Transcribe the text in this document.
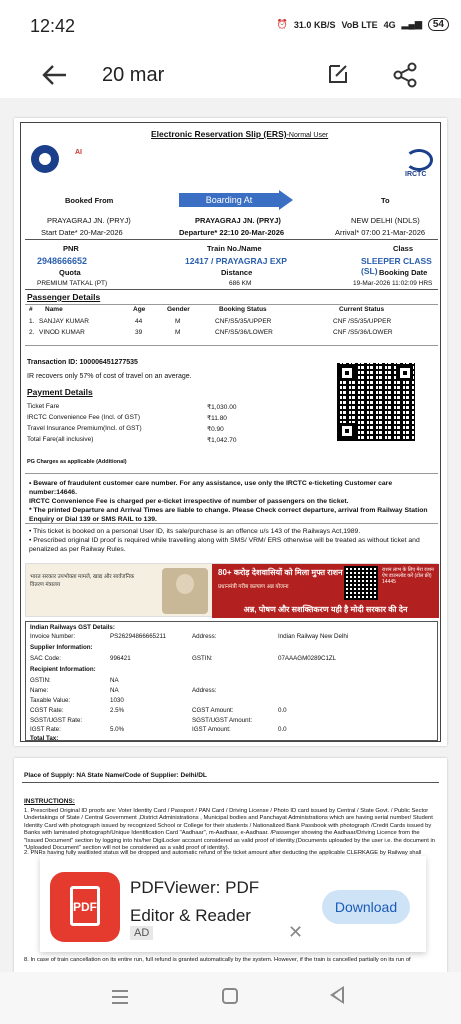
12:42	⏰ 31.0 KB/S VoB LTE 4G ▂▄▆	54
20 mar
Electronic Reservation Slip (ERS)-Normal User
AI
IRCTC
Booked From	Boarding At	To
PRAYAGRAJ JN. (PRYJ)	PRAYAGRAJ JN. (PRYJ)	NEW DELHI (NDLS)
Start Date* 20-Mar-2026	Departure* 22:10 20-Mar-2026	Arrival* 07:00 21-Mar-2026
PNR	Train No./Name	Class
2948666652	12417 / PRAYAGRAJ EXP	SLEEPER CLASS (SL)
Quota	Distance	Booking Date
PREMIUM TATKAL (PT)	686 KM	19-Mar-2026 11:02:09 HRS
Passenger Details
# Name	Age	Gender	Booking Status	Current Status
1. SANJAY KUMAR	44	M	CNF/S5/35/UPPER	CNF /S5/35/UPPER
2. VINOD KUMAR	39	M	CNF/S5/36/LOWER	CNF /S5/36/LOWER
Transaction ID: 100006451277535
IR recovers only 57% of cost of travel on an average.
Payment Details
Ticket Fare	₹1,030.00
IRCTC Convenience Fee (Incl. of GST)	₹11.80
Travel Insurance Premium(Incl. of GST)	₹0.90
Total Fare(all inclusive)	₹1,042.70
PG Charges as applicable (Additional)
• Beware of fraudulent customer care number. For any assistance, use only the IRCTC e-ticketing Customer care number:14646.
IRCTC Convenience Fee is charged per e-ticket irrespective of number of passengers on the ticket.
* The printed Departure and Arrival Times are liable to change. Please Check correct departure, arrival from Railway Station Enquiry or Dial 139 or SMS RAIL to 139.
• This ticket is booked on a personal User ID, its sale/purchase is an offence u/s 143 of the Railways Act,1989.
• Prescribed original ID proof is required while travelling along with SMS/ VRM/ ERS otherwise will be treated as without ticket and penalized as per Railway Rules.
भारत सरकार उपभोक्ता मामले, खाद्य और सार्वजनिक वितरण मंत्रालय
80+ करोड़ देशवासियों को मिला मुफ्त राशन
प्रधानमंत्री गरीब कल्याण अन्न योजना
राशन लाभ के लिए मेरा राशन ऐप डाउनलोड करें (टोल फ्री) 14445
अन्न, पोषण और सशक्तिकरण यही है मोदी सरकार की देन
Indian Railways GST Details:
Invoice Number:	PS26294866665211	Address:	Indian Railway New Delhi
Supplier Information:
SAC Code:	996421	GSTIN:	07AAAGM0289C1ZL
Recipient Information:
GSTIN:	NA
Name:	NA	Address:
Taxable Value:	1030
CGST Rate:	2.5%	CGST Amount:	0.0
SGST/UGST Rate:	SGST/UGST Amount:
IGST Rate:	5.0%	IGST Amount:	0.0
Total Tax:
Place of Supply: NA State Name/Code of Supplier: Delhi/DL
INSTRUCTIONS:
1. Prescribed Original ID proofs are: Voter Identity Card / Passport / PAN Card / Driving License / Photo ID card issued by Central / State Govt. / Public Sector Undertakings of State / Central Government ,District Administrations , Municipal bodies and Panchayat Administrations which are having serial number/ Student Identity Card with photograph issued by recognized School or College for their students / Nationalized Bank Passbook with photograph /Credit Cards issued by Banks with laminated photograph/Unique Identification Card "Aadhaar", m-Aadhaar, e-Aadhaar. /Passenger showing the Aadhaar/Driving Licence from the "Issued Document" section by logging into his/her DigiLocker account considered as valid proof of identity.(Documents uploaded by the user i.e. the document in "Uploaded Document" section will not be considered as a valid proof of identity).
2. PNRs having fully waitlisted status will be dropped and automatic refund of the ticket amount after deducting the applicable CLERKAGE by Railway shall
8. In case of train cancellation on its entire run, full refund is granted automatically by the system. However, if the train is cancelled partially on its run of
PDF
PDFViewer: PDF
Editor & Reader
AD	✕
Download
